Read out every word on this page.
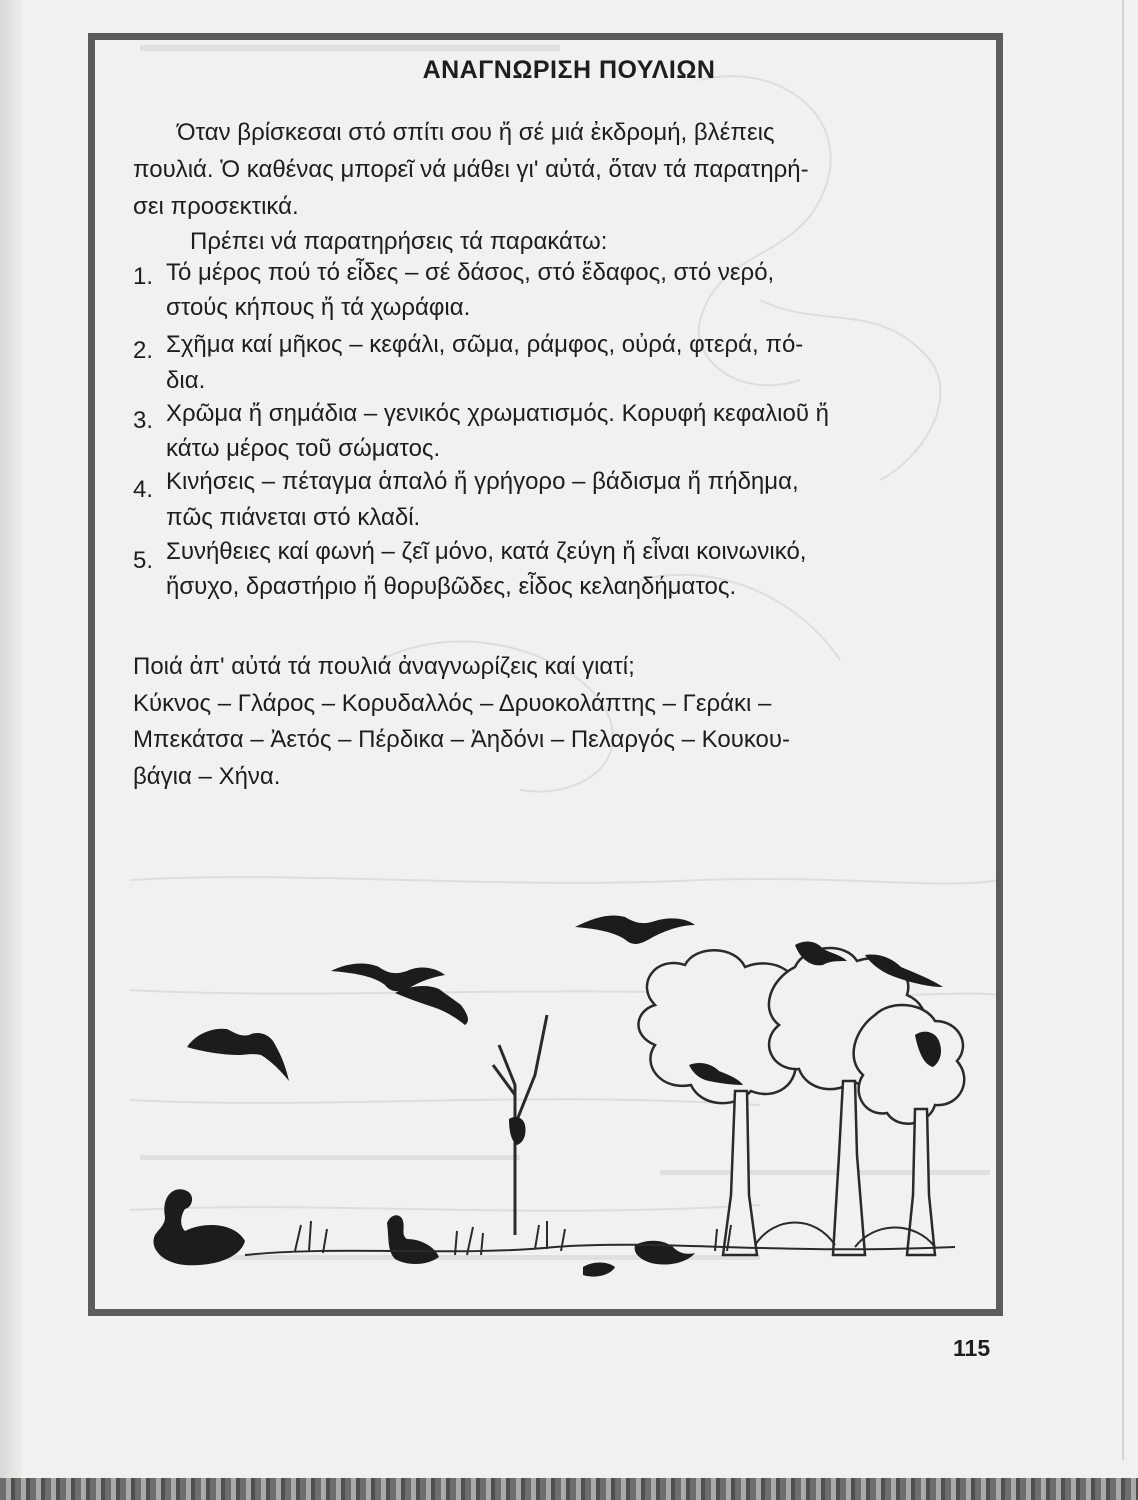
ΑΝΑΓΝΩΡΙΣΗ ΠΟΥΛΙΩΝ
Όταν βρίσκεσαι στό σπίτι σου ἤ σέ μιά ἐκδρομή, βλέπεις
πουλιά. Ὁ καθένας μπορεῖ νά μάθει γι' αὐτά, ὅταν τά παρατηρή-
σει προσεκτικά.
Πρέπει νά παρατηρήσεις τά παρακάτω:
1. Τό μέρος πού τό εἶδες – σέ δάσος, στό ἔδαφος, στό νερό,
στούς κήπους ἤ τά χωράφια.
2. Σχῆμα καί μῆκος – κεφάλι, σῶμα, ράμφος, οὐρά, φτερά, πό-
δια.
3. Χρῶμα ἤ σημάδια – γενικός χρωματισμός. Κορυφή κεφαλιοῦ ἤ
κάτω μέρος τοῦ σώματος.
4. Κινήσεις – πέταγμα ἁπαλό ἤ γρήγορο – βάδισμα ἤ πήδημα,
πῶς πιάνεται στό κλαδί.
5. Συνήθειες καί φωνή – ζεῖ μόνο, κατά ζεύγη ἤ εἶναι κοινωνικό,
ἥσυχο, δραστήριο ἤ θορυβῶδες, εἶδος κελαηδήματος.
Ποιά ἀπ' αὐτά τά πουλιά ἀναγνωρίζεις καί γιατί;
Κύκνος – Γλάρος – Κορυδαλλός – Δρυοκολάπτης – Γεράκι –
Μπεκάτσα – Ἀετός – Πέρδικα – Ἀηδόνι – Πελαργός – Κουκου-
βάγια – Χήνα.
115
